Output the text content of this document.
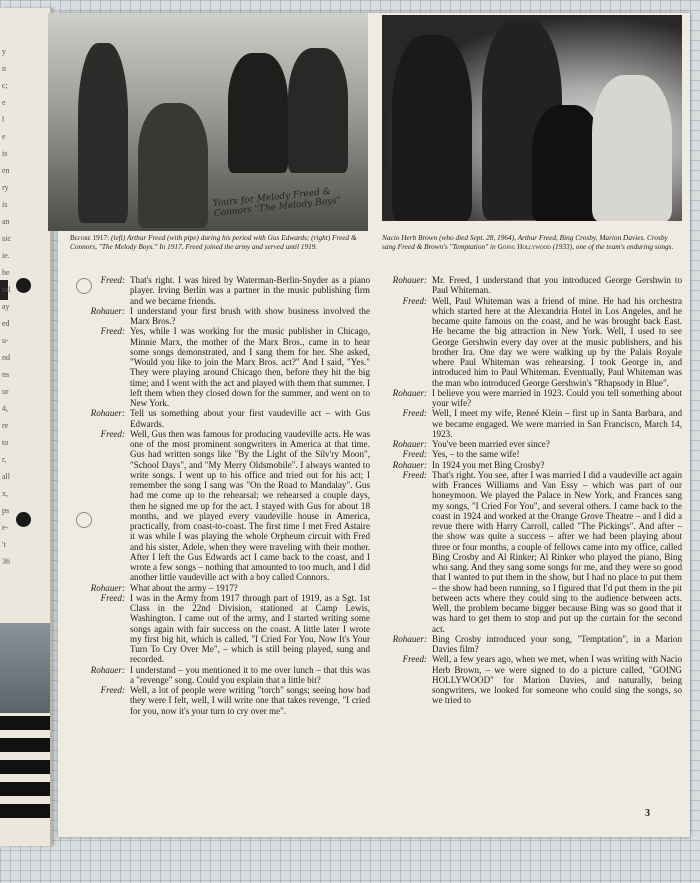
y
n
c;
e
l
e
is
en
ry
is
an
sic
ie.
he
sal
ay
ed
u-
nd
ns
ur
4,
re
to
r,
all
x,
ps
e-
't
36
Yours for Melody Freed & Connors "The Melody Boys"
Before 1917: (left) Arthur Freed (with pipe) during his period with Gus Edwards; (right) Freed & Connors, "The Melody Boys." In 1917, Freed joined the army and served until 1919.
Nacio Herb Brown (who died Sept. 28, 1964), Arthur Freed, Bing Crosby, Marion Davies. Crosby sang Freed & Brown's "Temptation" in Going Hollywood (1933), one of the team's enduring songs.
Freed: That's right. I was hired by Waterman-Berlin-Snyder as a piano player. Irving Berlin was a partner in the music publishing firm and we became friends.
Rohauer: I understand your first brush with show business involved the Marx Bros.?
Freed: Yes, while I was working for the music publisher in Chicago, Minnie Marx, the mother of the Marx Bros., came in to hear some songs demonstrated, and I sang them for her. She asked, "Would you like to join the Marx Bros. act?" And I said, "Yes." They were playing around Chicago then, before they hit the big time; and I went with the act and played with them that summer. I left them when they closed down for the summer, and went on to New York.
Rohauer: Tell us something about your first vaudeville act – with Gus Edwards.
Freed: Well, Gus then was famous for producing vaudeville acts. He was one of the most prominent songwriters in America at that time. Gus had written songs like "By the Light of the Silv'ry Moon", "School Days", and "My Merry Oldsmobile". I always wanted to write songs. I went up to his office and tried out for his act; I remember the song I sang was "On the Road to Mandalay". Gus had me come up to the rehearsal; we rehearsed a couple days, then he signed me up for the act. I stayed with Gus for about 18 months, and we played every vaudeville house in America, practically, from coast-to-coast. The first time I met Fred Astaire it was while I was playing the whole Orpheum circuit with Fred and his sister, Adele, when they were traveling with their mother. After I left the Gus Edwards act I came back to the coast, and I wrote a few songs – nothing that amounted to too much, and I did another little vaudeville act with a boy called Connors.
Rohauer: What about the army – 1917?
Freed: I was in the Army from 1917 through part of 1919, as a Sgt. 1st Class in the 22nd Division, stationed at Camp Lewis, Washington. I came out of the army, and I started writing some songs again with fair success on the coast. A little later I wrote my first big hit, which is called, "I Cried For You, Now It's Your Turn To Cry Over Me", – which is still being played, sung and recorded.
Rohauer: I understand – you mentioned it to me over lunch – that this was a "revenge" song. Could you explain that a little bit?
Freed: Well, a lot of people were writing "torch" songs; seeing how bad they were I felt, well, I will write one that takes revenge, "I cried for you, now it's your turn to cry over me".
Rohauer: Mr. Freed, I understand that you introduced George Gershwin to Paul Whiteman.
Freed: Well, Paul Whiteman was a friend of mine. He had his orchestra which started here at the Alexandria Hotel in Los Angeles, and he became quite famous on the coast, and he was brought back East. He became the big attraction in New York. Well, I used to see George Gershwin every day over at the music publishers, and his brother Ira. One day we were walking up by the Palais Royale where Paul Whiteman was rehearsing. I took George in, and introduced him to Paul Whiteman. Eventually, Paul Whiteman was the man who introduced George Gershwin's "Rhapsody in Blue".
Rohauer: I believe you were married in 1923. Could you tell something about your wife?
Freed: Well, I meet my wife, Reneé Klein – first up in Santa Barbara, and we became engaged. We were married in San Francisco, March 14, 1923.
Rohauer: You've been married ever since?
Freed: Yes, – to the same wife!
Rohauer: In 1924 you met Bing Crosby?
Freed: That's right. You see, after I was married I did a vaudeville act again with Frances Williams and Van Essy – which was part of our honeymoon. We played the Palace in New York, and Frances sang my songs, "I Cried For You", and several others. I came back to the coast in 1924 and worked at the Orange Grove Theatre – and I did a revue there with Harry Carroll, called "The Pickings". And after – the show was quite a success – after we had been playing about three or four months, a couple of fellows came into my office, called Bing Crosby and Al Rinker; Al Rinker who played the piano, Bing who sang. And they sang some songs for me, and they were so good that I wanted to put them in the show, but I had no place to put them – the show had been running, so I figured that I'd put them in the pit between acts where they could sing to the audience between acts. Well, the problem became bigger because Bing was so good that it was hard to get them to stop and put up the curtain for the second act.
Rohauer: Bing Crosby introduced your song, "Temptation", in a Marion Davies film?
Freed: Well, a few years ago, when we met, when I was writing with Nacio Herb Brown, – we were signed to do a picture called, "GOING HOLLYWOOD" for Marion Davies, and naturally, being songwriters, we looked for someone who could sing the songs, so we tried to
3
